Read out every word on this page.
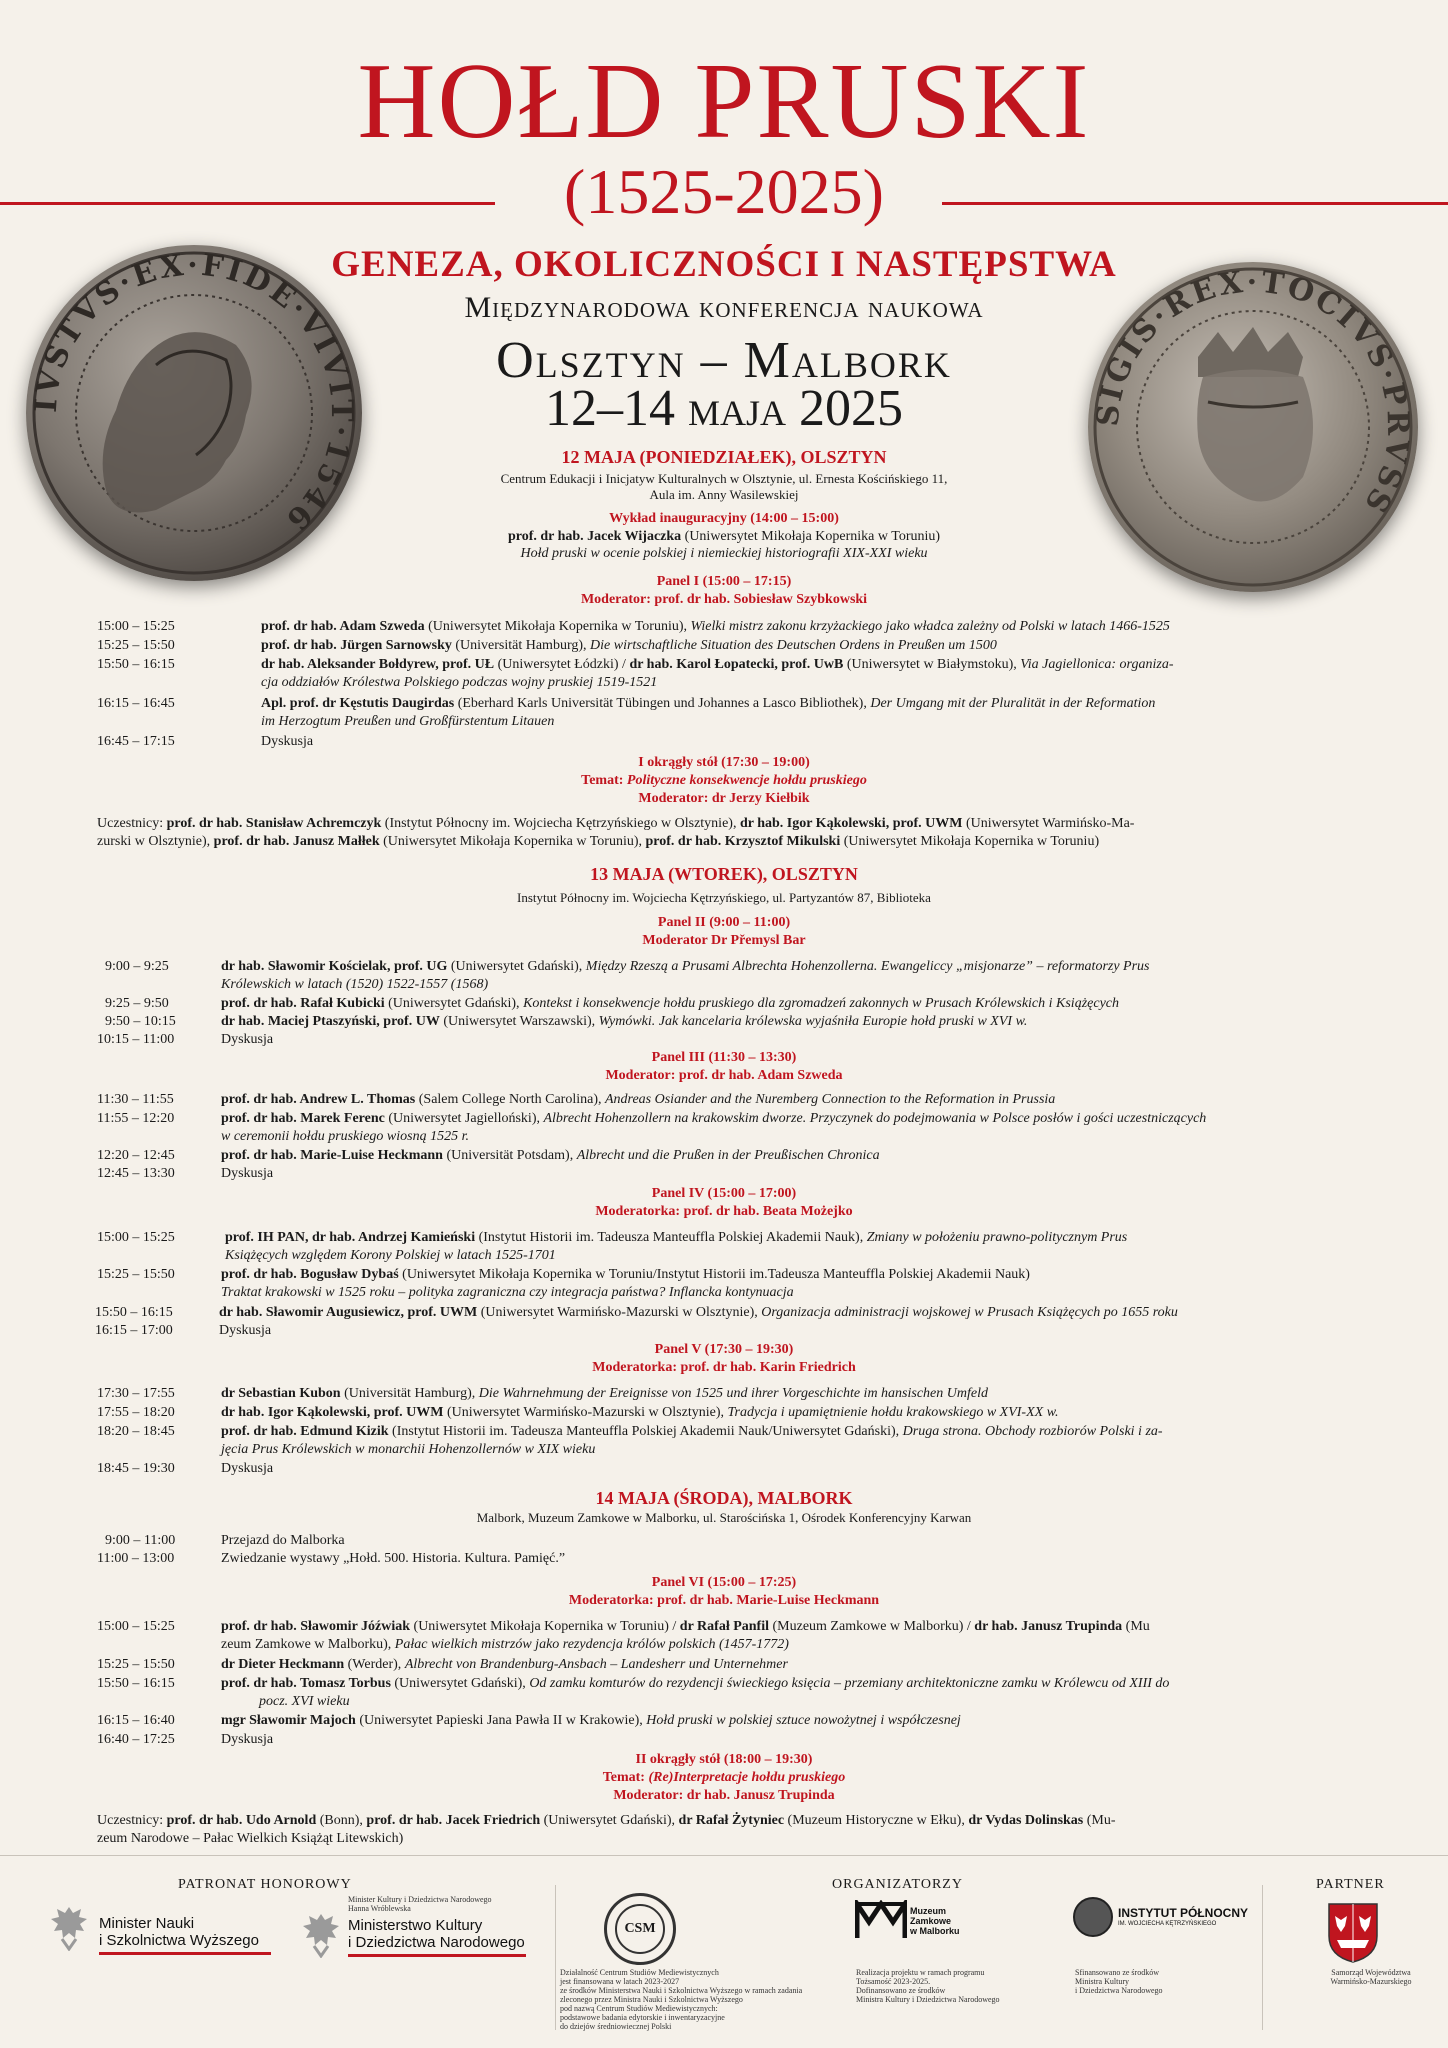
HOŁD PRUSKI
(1525-2025)
GENEZA, OKOLICZNOŚCI I NASTĘPSTWA
Międzynarodowa konferencja naukowa
Olsztyn – Malbork
12–14 maja 2025
IVSTVS·EX·FIDE·VIVIT·1546
SIGIS·REX·TOCIVS·PRVSS
12 MAJA (PONIEDZIAŁEK), OLSZTYN
Centrum Edukacji i Inicjatyw Kulturalnych w Olsztynie, ul. Ernesta Kościńskiego 11,
Aula im. Anny Wasilewskiej
Wykład inauguracyjny (14:00 – 15:00)
prof. dr hab. Jacek Wijaczka (Uniwersytet Mikołaja Kopernika w Toruniu)
Hołd pruski w ocenie polskiej i niemieckiej historiografii XIX-XXI wieku
Panel I (15:00 – 17:15)
Moderator: prof. dr hab. Sobiesław Szybkowski
15:00 – 15:25	prof. dr hab. Adam Szweda (Uniwersytet Mikołaja Kopernika w Toruniu), Wielki mistrz zakonu krzyżackiego jako władca zależny od Polski w latach 1466-1525
15:25 – 15:50	prof. dr hab. Jürgen Sarnowsky (Universität Hamburg), Die wirtschaftliche Situation des Deutschen Ordens in Preußen um 1500
15:50 – 16:15	dr hab. Aleksander Bołdyrew, prof. UŁ (Uniwersytet Łódzki) / dr hab. Karol Łopatecki, prof. UwB (Uniwersytet w Białymstoku), Via Jagiellonica: organiza-
cja oddziałów Królestwa Polskiego podczas wojny pruskiej 1519-1521
16:15 – 16:45	Apl. prof. dr Kęstutis Daugirdas (Eberhard Karls Universität Tübingen und Johannes a Lasco Bibliothek), Der Umgang mit der Pluralität in der Reformation
im Herzogtum Preußen und Großfürstentum Litauen
16:45 – 17:15	Dyskusja
I okrągły stół (17:30 – 19:00)
Temat: Polityczne konsekwencje hołdu pruskiego
Moderator: dr Jerzy Kiełbik
Uczestnicy: prof. dr hab. Stanisław Achremczyk (Instytut Północny im. Wojciecha Kętrzyńskiego w Olsztynie), dr hab. Igor Kąkolewski, prof. UWM (Uniwersytet Warmińsko-Ma-
zurski w Olsztynie), prof. dr hab. Janusz Małłek (Uniwersytet Mikołaja Kopernika w Toruniu), prof. dr hab. Krzysztof Mikulski (Uniwersytet Mikołaja Kopernika w Toruniu)
13 MAJA (WTOREK), OLSZTYN
Instytut Północny im. Wojciecha Kętrzyńskiego, ul. Partyzantów 87, Biblioteka
Panel II (9:00 – 11:00)
Moderator Dr Přemysl Bar
9:00 – 9:25	dr hab. Sławomir Kościelak, prof. UG (Uniwersytet Gdański), Między Rzeszą a Prusami Albrechta Hohenzollerna. Ewangeliccy „misjonarze” – reformatorzy Prus
Królewskich w latach (1520) 1522-1557 (1568)
9:25 – 9:50	prof. dr hab. Rafał Kubicki (Uniwersytet Gdański), Kontekst i konsekwencje hołdu pruskiego dla zgromadzeń zakonnych w Prusach Królewskich i Książęcych
9:50 – 10:15	dr hab. Maciej Ptaszyński, prof. UW (Uniwersytet Warszawski), Wymówki. Jak kancelaria królewska wyjaśniła Europie hołd pruski w XVI w.
10:15 – 11:00	Dyskusja
Panel III (11:30 – 13:30)
Moderator: prof. dr hab. Adam Szweda
11:30 – 11:55	prof. dr hab. Andrew L. Thomas (Salem College North Carolina), Andreas Osiander and the Nuremberg Connection to the Reformation in Prussia
11:55 – 12:20	prof. dr hab. Marek Ferenc (Uniwersytet Jagielloński), Albrecht Hohenzollern na krakowskim dworze. Przyczynek do podejmowania w Polsce posłów i gości uczestniczących
w ceremonii hołdu pruskiego wiosną 1525 r.
12:20 – 12:45	prof. dr hab. Marie-Luise Heckmann (Universität Potsdam), Albrecht und die Prußen in der Preußischen Chronica
12:45 – 13:30	Dyskusja
Panel IV (15:00 – 17:00)
Moderatorka: prof. dr hab. Beata Możejko
15:00 – 15:25	prof. IH PAN, dr hab. Andrzej Kamieński (Instytut Historii im. Tadeusza Manteuffla Polskiej Akademii Nauk), Zmiany w położeniu prawno-politycznym Prus
Książęcych względem Korony Polskiej w latach 1525-1701
15:25 – 15:50	prof. dr hab. Bogusław Dybaś (Uniwersytet Mikołaja Kopernika w Toruniu/Instytut Historii im.Tadeusza Manteuffla Polskiej Akademii Nauk)
Traktat krakowski w 1525 roku – polityka zagraniczna czy integracja państwa? Inflancka kontynuacja
15:50 – 16:15	dr hab. Sławomir Augusiewicz, prof. UWM (Uniwersytet Warmińsko-Mazurski w Olsztynie), Organizacja administracji wojskowej w Prusach Książęcych po 1655 roku
16:15 – 17:00	Dyskusja
Panel V (17:30 – 19:30)
Moderatorka: prof. dr hab. Karin Friedrich
17:30 – 17:55	dr Sebastian Kubon (Universität Hamburg), Die Wahrnehmung der Ereignisse von 1525 und ihrer Vorgeschichte im hansischen Umfeld
17:55 – 18:20	dr hab. Igor Kąkolewski, prof. UWM (Uniwersytet Warmińsko-Mazurski w Olsztynie), Tradycja i upamiętnienie hołdu krakowskiego w XVI-XX w.
18:20 – 18:45	prof. dr hab. Edmund Kizik (Instytut Historii im. Tadeusza Manteuffla Polskiej Akademii Nauk/Uniwersytet Gdański), Druga strona. Obchody rozbiorów Polski i za-
jęcia Prus Królewskich w monarchii Hohenzollernów w XIX wieku
18:45 – 19:30	Dyskusja
14 MAJA (ŚRODA), MALBORK
Malbork, Muzeum Zamkowe w Malborku, ul. Starościńska 1, Ośrodek Konferencyjny Karwan
9:00 – 11:00	Przejazd do Malborka
11:00 – 13:00	Zwiedzanie wystawy „Hołd. 500. Historia. Kultura. Pamięć.”
Panel VI (15:00 – 17:25)
Moderatorka: prof. dr hab. Marie-Luise Heckmann
15:00 – 15:25	prof. dr hab. Sławomir Jóźwiak (Uniwersytet Mikołaja Kopernika w Toruniu) / dr Rafał Panfil (Muzeum Zamkowe w Malborku) / dr hab. Janusz Trupinda (Mu
zeum Zamkowe w Malborku), Pałac wielkich mistrzów jako rezydencja królów polskich (1457-1772)
15:25 – 15:50	dr Dieter Heckmann (Werder), Albrecht von Brandenburg-Ansbach – Landesherr und Unternehmer
15:50 – 16:15	prof. dr hab. Tomasz Torbus (Uniwersytet Gdański), Od zamku komturów do rezydencji świeckiego księcia – przemiany architektoniczne zamku w Królewcu od XIII do
pocz. XVI wieku
16:15 – 16:40	mgr Sławomir Majoch (Uniwersytet Papieski Jana Pawła II w Krakowie), Hołd pruski w polskiej sztuce nowożytnej i współczesnej
16:40 – 17:25	Dyskusja
II okrągły stół (18:00 – 19:30)
Temat: (Re)Interpretacje hołdu pruskiego
Moderator: dr hab. Janusz Trupinda
Uczestnicy: prof. dr hab. Udo Arnold (Bonn), prof. dr hab. Jacek Friedrich (Uniwersytet Gdański), dr Rafał Żytyniec (Muzeum Historyczne w Ełku), dr Vydas Dolinskas (Mu-
zeum Narodowe – Pałac Wielkich Książąt Litewskich)
PATRONAT HONOROWY	ORGANIZATORZY	PARTNER
Minister Nauki
i Szkolnictwa Wyższego
Minister Kultury i Dziedzictwa Narodowego
Hanna Wróblewska
Ministerstwo Kultury
i Dziedzictwa Narodowego
CSM
Działalność Centrum Studiów Mediewistycznych
jest finansowana w latach 2023-2027
ze środków Ministerstwa Nauki i Szkolnictwa Wyższego w ramach zadania
zleconego przez Ministra Nauki i Szkolnictwa Wyższego
pod nazwą Centrum Studiów Mediewistycznych:
podstawowe badania edytorskie i inwentaryzacyjne
do dziejów średniowiecznej Polski
Muzeum
Zamkowe
w Malborku
Realizacja projektu w ramach programu
Tożsamość 2023-2025.
Dofinansowano ze środków
Ministra Kultury i Dziedzictwa Narodowego
INSTYTUT PÓŁNOCNY
IM. WOJCIECHA KĘTRZYŃSKIEGO
Sfinansowano ze środków
Ministra Kultury
i Dziedzictwa Narodowego
Samorząd Województwa
Warmińsko-Mazurskiego
